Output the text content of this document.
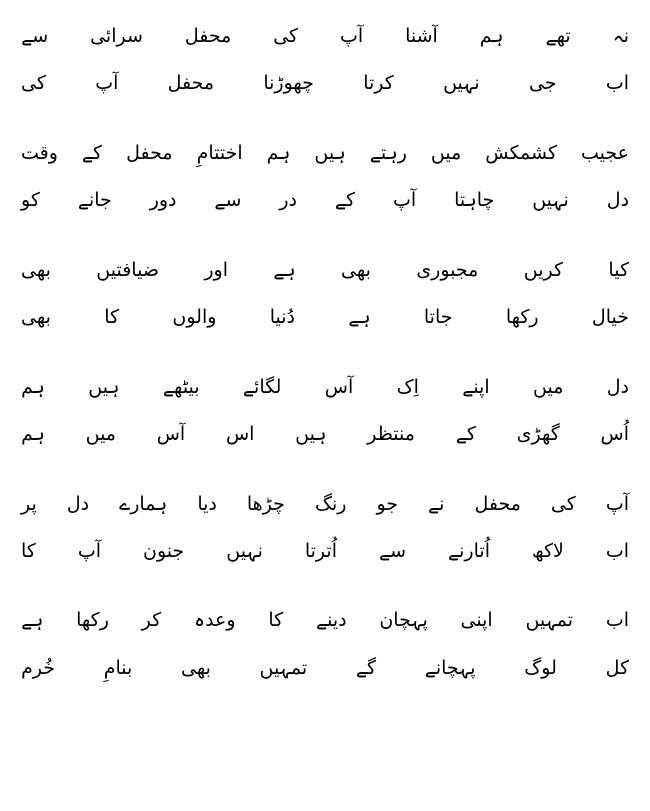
نہ
تھے
ہم
آشنا
آپ
کی
محفل
سرائی
سے
اب
جی
نہیں
کرتا
چھوڑنا
محفل
آپ
کی
عجیب
کشمکش
میں
رہتے
ہیں
ہم
اختتامِ
محفل
کے
وقت
دل
نہیں
چاہتا
آپ
کے
در
سے
دور
جانے
کو
کیا
کریں
مجبوری
بھی
ہے
اور
ضیافتیں
بھی
خیال
رکھا
جاتا
ہے
دُنیا
والوں
کا
بھی
دل
میں
اپنے
اِک
آس
لگائے
بیٹھے
ہیں
ہم
اُس
گھڑی
کے
منتظر
ہیں
اس
آس
میں
ہم
آپ
کی
محفل
نے
جو
رنگ
چڑھا
دیا
ہمارے
دل
پر
اب
لاکھ
اُتارنے
سے
اُترتا
نہیں
جنون
آپ
کا
اب
تمہیں
اپنی
پہچان
دینے
کا
وعدہ
کر
رکھا
ہے
کل
لوگ
پہچانے
گے
تمہیں
بھی
بنامِ
خُرم
